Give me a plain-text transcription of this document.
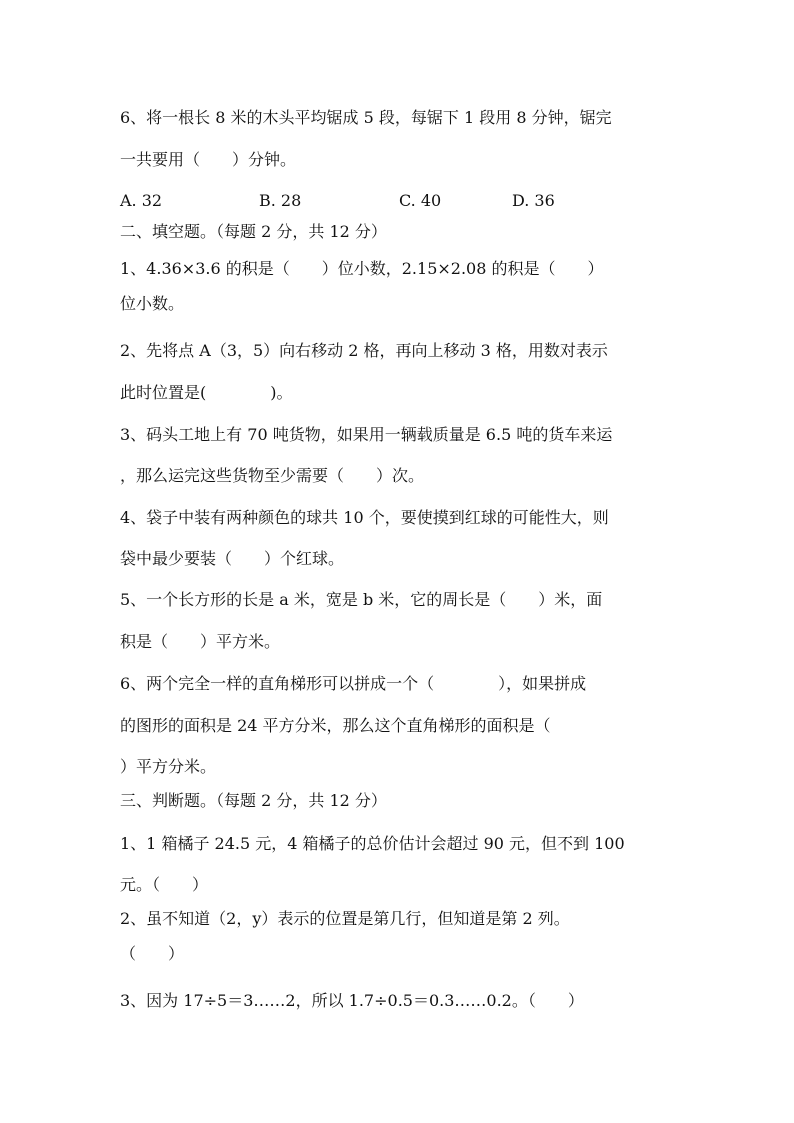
6、将一根长 8 米的木头平均锯成 5 段，每锯下 1 段用 8 分钟，锯完
一共要用（　　）分钟。
A. 32	B. 28	C. 40	D. 36
二、填空题。（每题 2 分，共 12 分）
1、4.36×3.6 的积是（　　）位小数，2.15×2.08 的积是（　　）
位小数。
2、先将点 A（3，5）向右移动 2 格，再向上移动 3 格，用数对表示
此时位置是(　　　　)。
3、码头工地上有 70 吨货物，如果用一辆载质量是 6.5 吨的货车来运
，那么运完这些货物至少需要（　　）次。
4、袋子中装有两种颜色的球共 10 个，要使摸到红球的可能性大，则
袋中最少要装（　　）个红球。
5、一个长方形的长是 a 米，宽是 b 米，它的周长是（　　）米，面
积是（　　）平方米。
6、两个完全一样的直角梯形可以拼成一个（　　　　），如果拼成
的图形的面积是 24 平方分米，那么这个直角梯形的面积是（
）平方分米。
三、判断题。（每题 2 分，共 12 分）
1、1 箱橘子 24.5 元，4 箱橘子的总价估计会超过 90 元，但不到 100
元。（　　）
2、虽不知道（2，y）表示的位置是第几行，但知道是第 2 列。
（　　）
3、因为 17÷5＝3……2，所以 1.7÷0.5＝0.3……0.2。（　　）
